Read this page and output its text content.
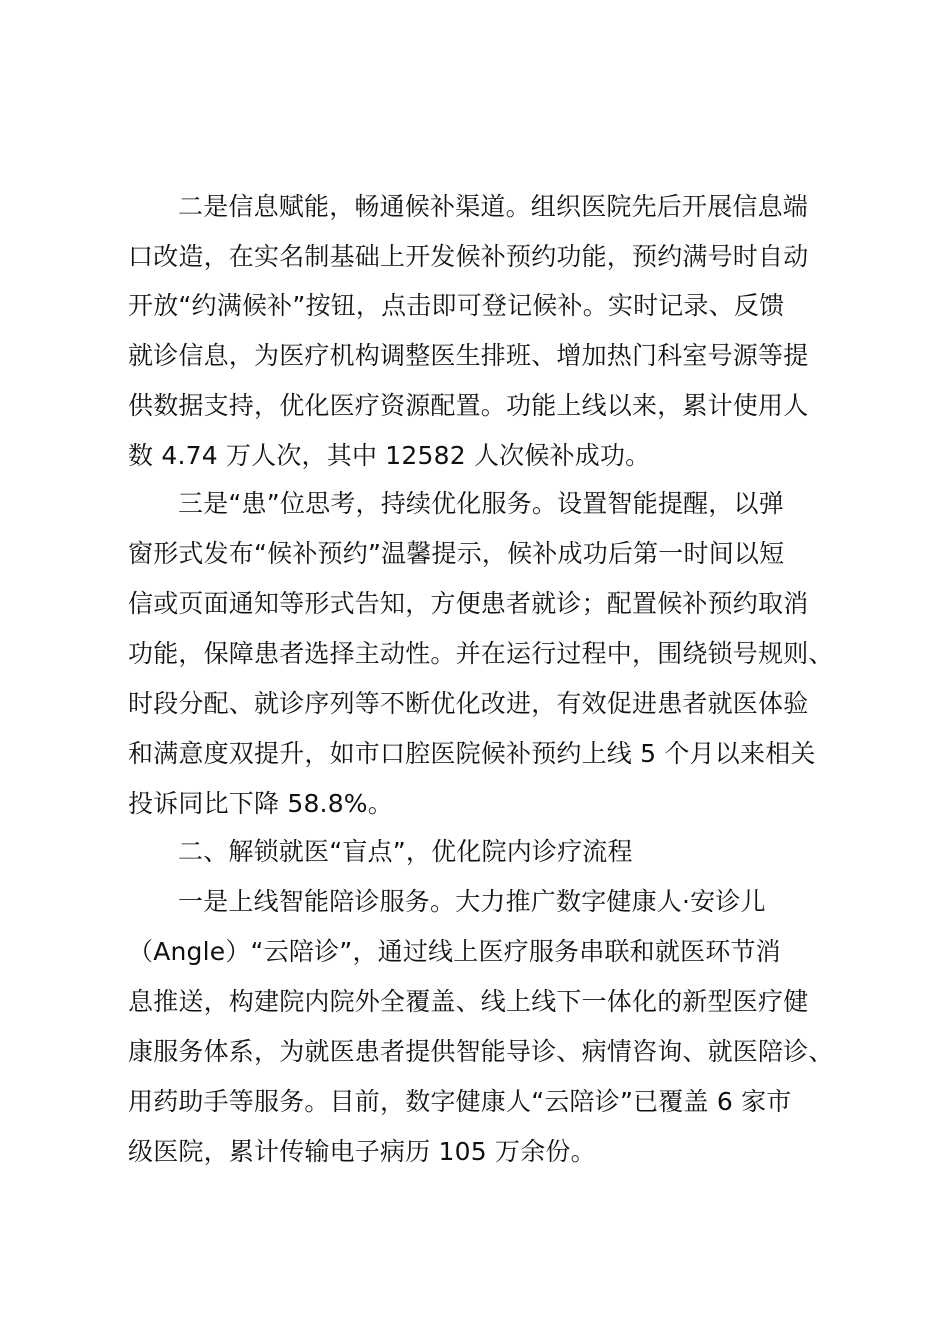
二是信息赋能，畅通候补渠道。组织医院先后开展信息端
口改造，在实名制基础上开发候补预约功能，预约满号时自动
开放“约满候补”按钮，点击即可登记候补。实时记录、反馈
就诊信息，为医疗机构调整医生排班、增加热门科室号源等提
供数据支持，优化医疗资源配置。功能上线以来，累计使用人
数 4.74 万人次，其中 12582 人次候补成功。
三是“患”位思考，持续优化服务。设置智能提醒，以弹
窗形式发布“候补预约”温馨提示，候补成功后第一时间以短
信或页面通知等形式告知，方便患者就诊；配置候补预约取消
功能，保障患者选择主动性。并在运行过程中，围绕锁号规则、
时段分配、就诊序列等不断优化改进，有效促进患者就医体验
和满意度双提升，如市口腔医院候补预约上线 5 个月以来相关
投诉同比下降 58.8%。
二、解锁就医“盲点”，优化院内诊疗流程
一是上线智能陪诊服务。大力推广数字健康人·安诊儿
（Angle）“云陪诊”，通过线上医疗服务串联和就医环节消
息推送，构建院内院外全覆盖、线上线下一体化的新型医疗健
康服务体系，为就医患者提供智能导诊、病情咨询、就医陪诊、
用药助手等服务。目前，数字健康人“云陪诊”已覆盖 6 家市
级医院，累计传输电子病历 105 万余份。
